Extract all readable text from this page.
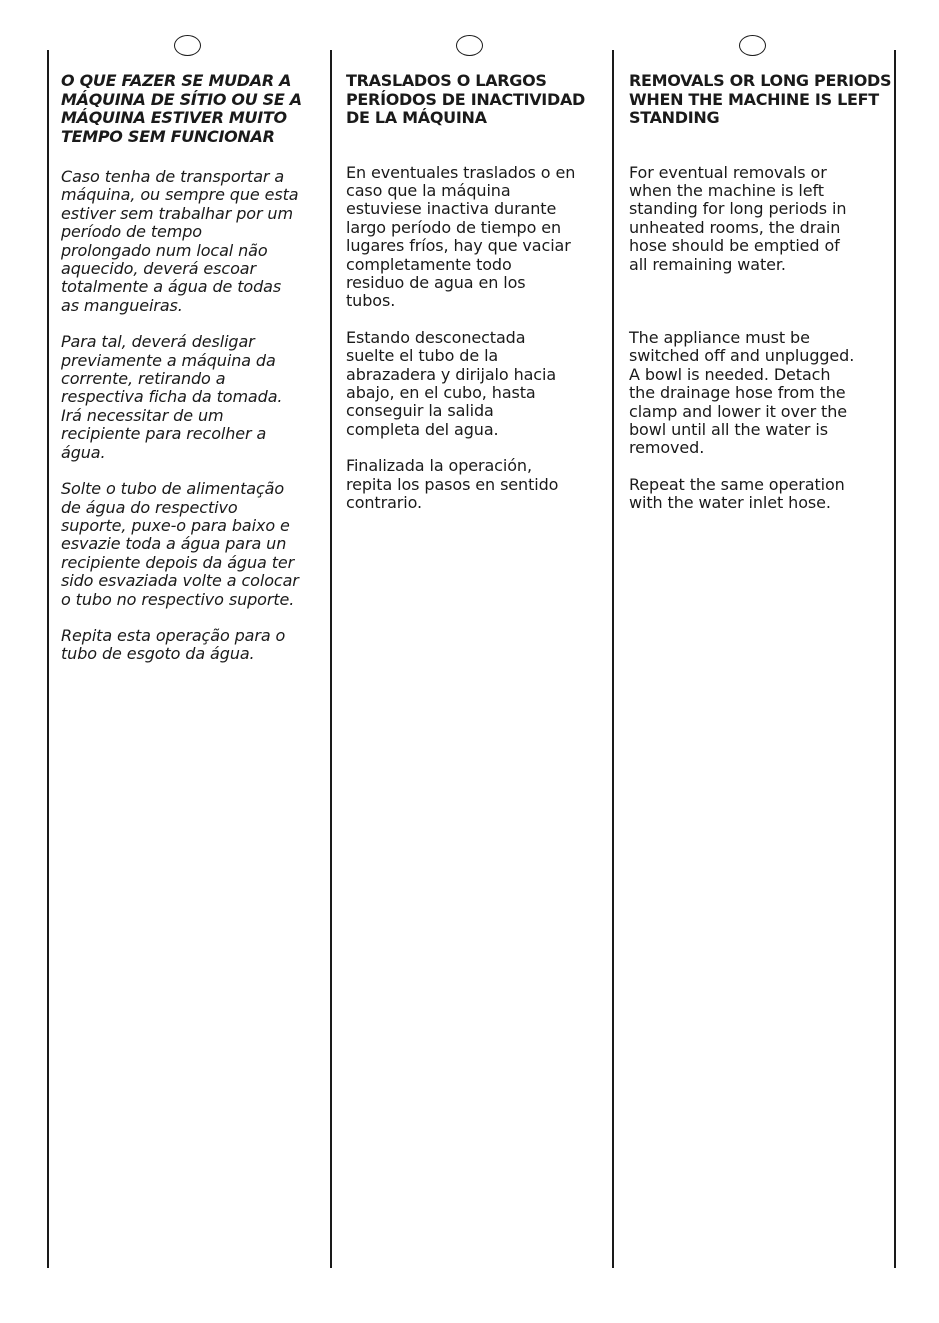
O QUE FAZER SE MUDAR A
MÁQUINA DE SÍTIO OU SE A
MÁQUINA ESTIVER MUITO
TEMPO SEM FUNCIONAR

Caso tenha de transportar a
máquina, ou sempre que esta
estiver sem trabalhar por um
período de tempo
prolongado num local não
aquecido, deverá escoar
totalmente a água de todas
as mangueiras.

Para tal, deverá desligar
previamente a máquina da
corrente, retirando a
respectiva ficha da tomada.
Irá necessitar de um
recipiente para recolher a
água.

Solte o tubo de alimentação
de água do respectivo
suporte, puxe-o para baixo e
esvazie toda a água para un
recipiente depois da água ter
sido esvaziada volte a colocar
o tubo no respectivo suporte.

Repita esta operação para o
tubo de esgoto da água.

TRASLADOS O LARGOS
PERÍODOS DE INACTIVIDAD
DE LA MÁQUINA

En eventuales traslados o en
caso que la máquina
estuviese inactiva durante
largo período de tiempo en
lugares fríos, hay que vaciar
completamente todo
residuo de agua en los
tubos.

Estando desconectada
suelte el tubo de la
abrazadera y dirijalo hacia
abajo, en el cubo, hasta
conseguir la salida
completa del agua.

Finalizada la operación,
repita los pasos en sentido
contrario.

REMOVALS OR LONG PERIODS
WHEN THE MACHINE IS LEFT
STANDING

For eventual removals or
when the machine is left
standing for long periods in
unheated rooms, the drain
hose should be emptied of
all remaining water.

The appliance must be
switched off and unplugged.
A bowl is needed. Detach
the drainage hose from the
clamp and lower it over the
bowl until all the water is
removed.

Repeat the same operation
with the water inlet hose.
